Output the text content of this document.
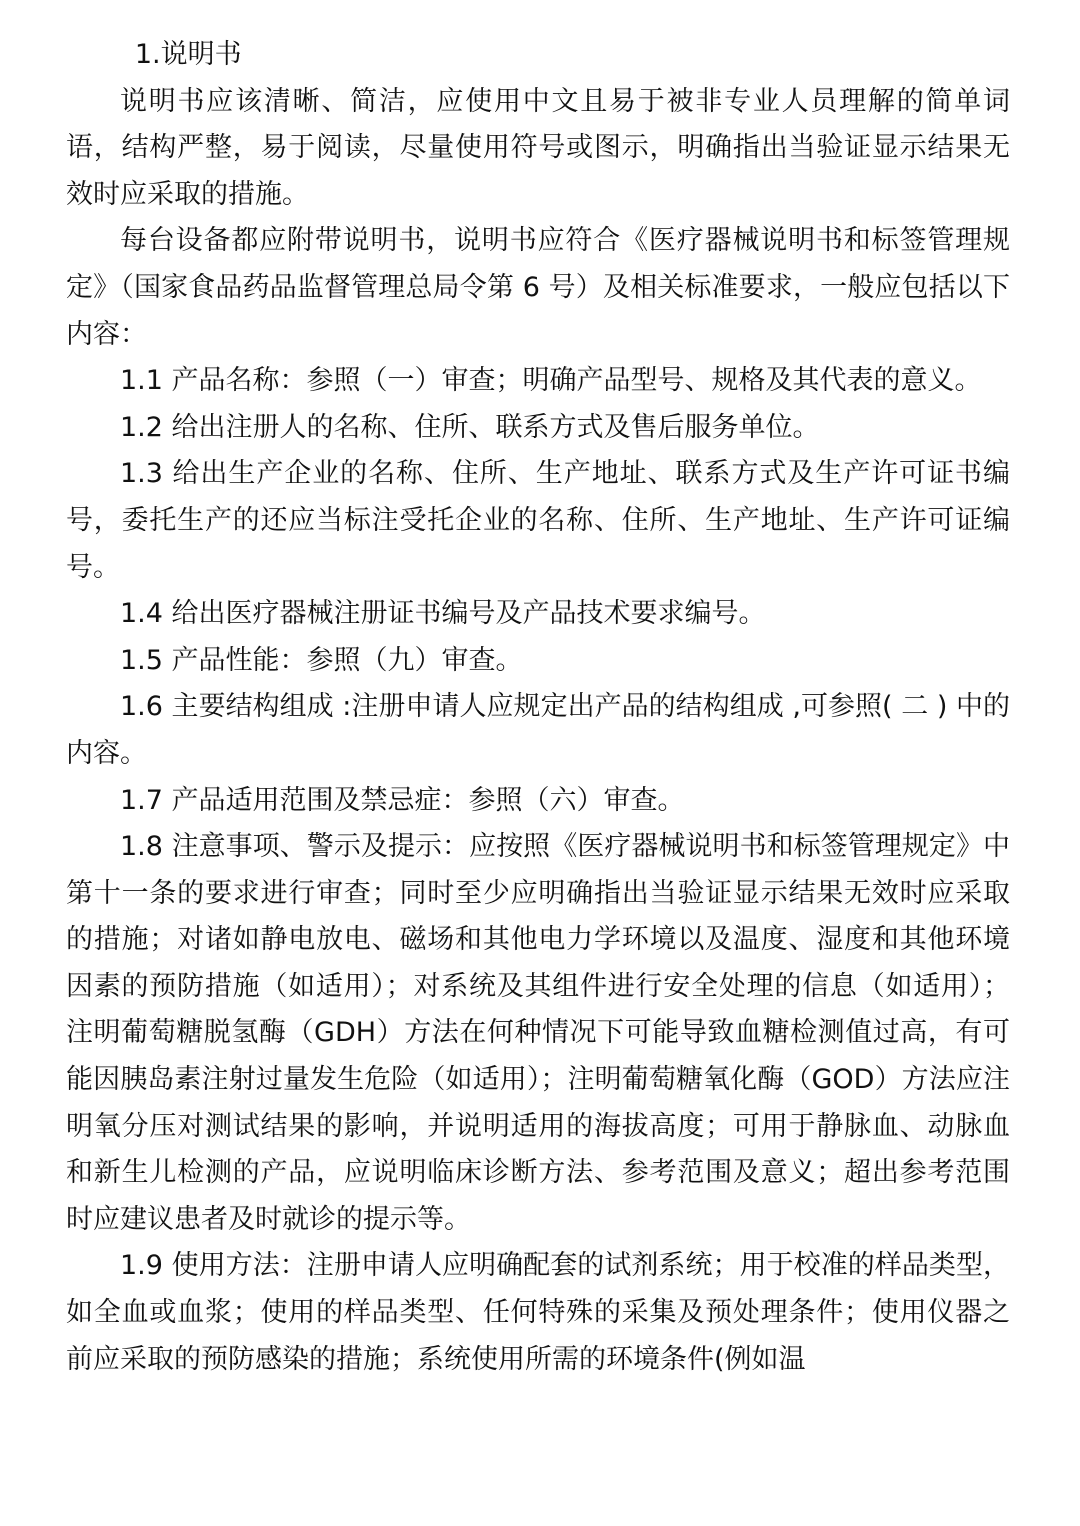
1.说明书

说明书应该清晰、简洁，应使用中文且易于被非专业人员理解的简单词语，结构严整，易于阅读，尽量使用符号或图示，明确指出当验证显示结果无效时应采取的措施。

每台设备都应附带说明书，说明书应符合《医疗器械说明书和标签管理规定》（国家食品药品监督管理总局令第 6 号）及相关标准要求，一般应包括以下内容：

1.1 产品名称：参照（一）审查；明确产品型号、规格及其代表的意义。

1.2 给出注册人的名称、住所、联系方式及售后服务单位。

1.3 给出生产企业的名称、住所、生产地址、联系方式及生产许可证书编号，委托生产的还应当标注受托企业的名称、住所、生产地址、生产许可证编号。

1.4 给出医疗器械注册证书编号及产品技术要求编号。

1.5 产品性能：参照（九）审查。

1.6 主要结构组成 :注册申请人应规定出产品的结构组成 ,可参照( 二 ) 中的内容。

1.7 产品适用范围及禁忌症：参照（六）审查。

1.8 注意事项、警示及提示：应按照《医疗器械说明书和标签管理规定》中第十一条的要求进行审查；同时至少应明确指出当验证显示结果无效时应采取的措施；对诸如静电放电、磁场和其他电力学环境以及温度、湿度和其他环境因素的预防措施（如适用）；对系统及其组件进行安全处理的信息（如适用）；注明葡萄糖脱氢酶（GDH）方法在何种情况下可能导致血糖检测值过高，有可能因胰岛素注射过量发生危险（如适用）；注明葡萄糖氧化酶（GOD）方法应注明氧分压对测试结果的影响，并说明适用的海拔高度；可用于静脉血、动脉血和新生儿检测的产品，应说明临床诊断方法、参考范围及意义；超出参考范围时应建议患者及时就诊的提示等。

1.9 使用方法：注册申请人应明确配套的试剂系统；用于校准的样品类型，如全血或血浆；使用的样品类型、任何特殊的采集及预处理条件；使用仪器之前应采取的预防感染的措施；系统使用所需的环境条件(例如温
